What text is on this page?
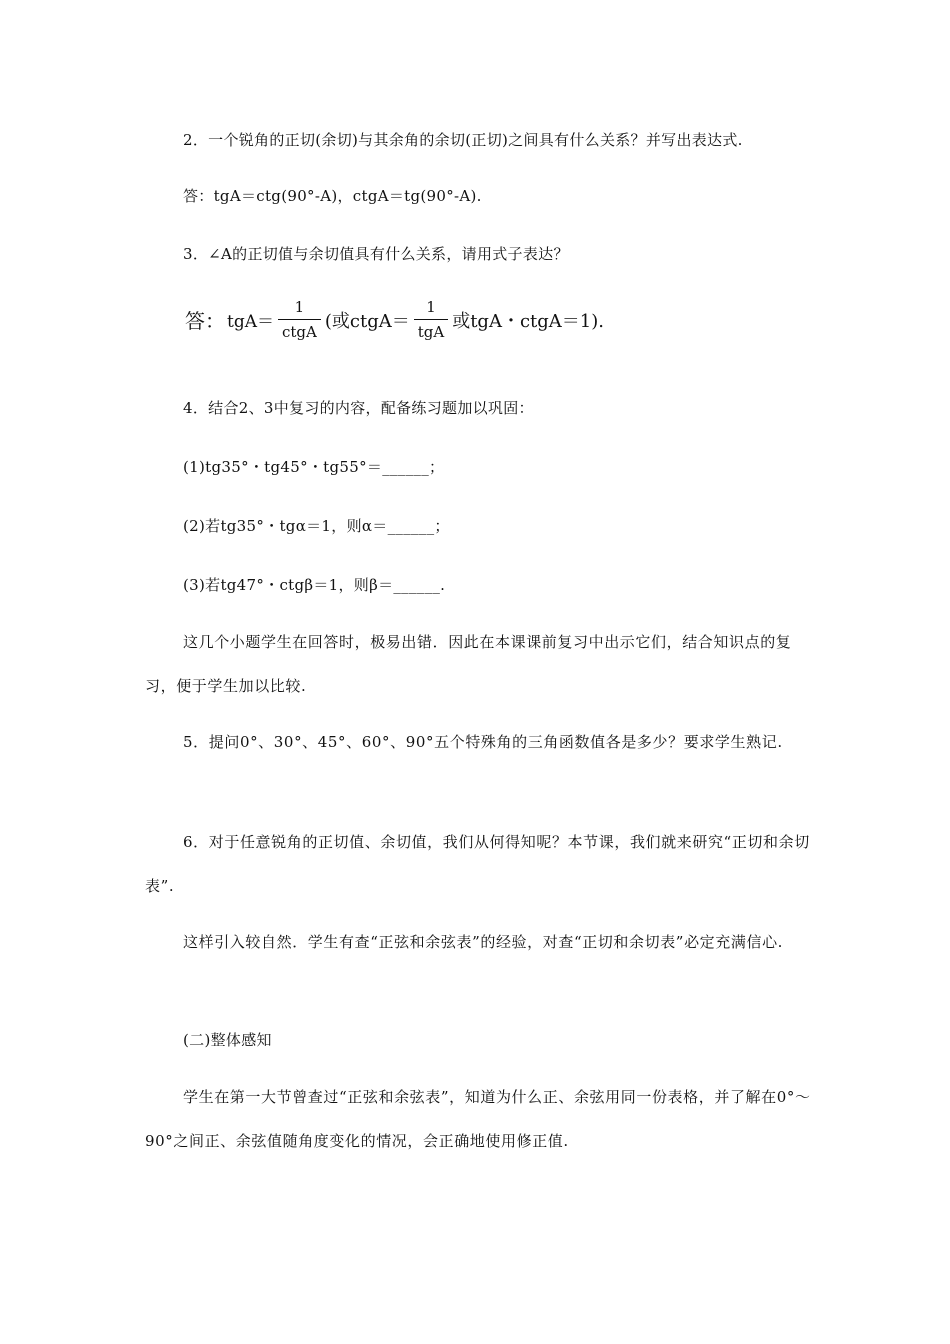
2．一个锐角的正切(余切)与其余角的余切(正切)之间具有什么关系？并写出表达式.

答：tgA＝ctg(90°-A)，ctgA＝tg(90°-A).

3．∠A的正切值与余切值具有什么关系，请用式子表达？

答： $tgA= \frac{1}{\text{ctgA}}$ (或ctgA＝ $\frac{1}{\text{tgA}}$ 或tgA・ctgA＝1).

4．结合2、3中复习的内容，配备练习题加以巩固：

(1)tg35°・tg45°・tg55°＝______；

(2)若tg35°・tgα＝1，则α＝______；

(3)若tg47°・ctgβ＝1，则β＝______.

这几个小题学生在回答时，极易出错．因此在本课课前复习中出示它们，结合知识点的复习，便于学生加以比较.

5．提问0°、30°、45°、60°、90°五个特殊角的三角函数值各是多少？要求学生熟记.

6．对于任意锐角的正切值、余切值，我们从何得知呢？本节课，我们就来研究“正切和余切表”.

这样引入较自然．学生有查“正弦和余弦表”的经验，对查“正切和余切表”必定充满信心.

(二)整体感知

学生在第一大节曾查过“正弦和余弦表”，知道为什么正、余弦用同一份表格，并了解在0°～90°之间正、余弦值随角度变化的情况，会正确地使用修正值.
